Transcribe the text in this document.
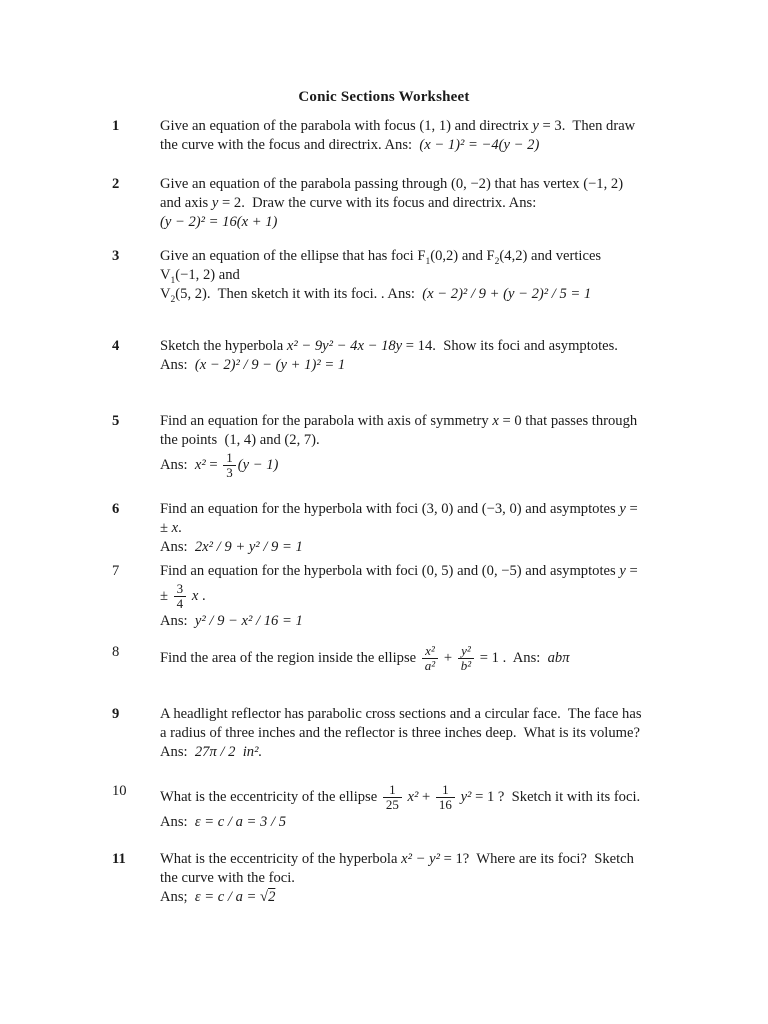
Conic Sections Worksheet
1	Give an equation of the parabola with focus (1, 1) and directrix y = 3.  Then draw
the curve with the focus and directrix. Ans:  (x − 1)² = −4(y − 2)
2	Give an equation of the parabola passing through (0, −2) that has vertex (−1, 2)
and axis y = 2.  Draw the curve with its focus and directrix. Ans:
(y − 2)² = 16(x + 1)
3	Give an equation of the ellipse that has foci $F_1(0,2)$ and $F_2(4,2)$ and vertices
$V_1(-1$, 2) and
$V_2(5$, 2).  Then sketch it with its foci. . Ans:  (x − 2)² / 9 + (y − 2)² / 5 = 1
4	Sketch the hyperbola x² − 9y² − 4x − 18y = 14.  Show its foci and asymptotes.
Ans:  (x − 2)² / 9 − (y + 1)² = 1
5	Find an equation for the parabola with axis of symmetry x = 0 that passes through
the points  (1, 4) and (2, 7).
Ans:  $x^2 = \frac{1}{3} (y - 1)$
6	Find an equation for the hyperbola with foci (3, 0) and (−3, 0) and asymptotes y =
± x.
Ans:  2x² / 9 + y² / 9 = 1
7	Find an equation for the hyperbola with foci (0, 5) and (0, −5) and asymptotes y =
± $\frac{3}{4}$ x .
Ans:  y² / 9 − x² / 16 = 1
8	Find the area of the region inside the ellipse $\frac{\text{x²}}{\text{a²}} + \frac{\text{y²}}{\text{b²}} = 1$ .  Ans:  abπ
9	A headlight reflector has parabolic cross sections and a circular face.  The face has
a radius of three inches and the reflector is three inches deep.  What is its volume?
Ans:  27π / 2  in².
10	What is the eccentricity of the ellipse $\frac{1}{25} x^2 + \frac{1}{16} y^2 = 1$ ?  Sketch it with its foci.
Ans:  ε = c / a = 3 / 5
11	What is the eccentricity of the hyperbola x² − y² = 1?  Where are its foci?  Sketch
the curve with the foci.
Ans;  ε = c / a = √2
